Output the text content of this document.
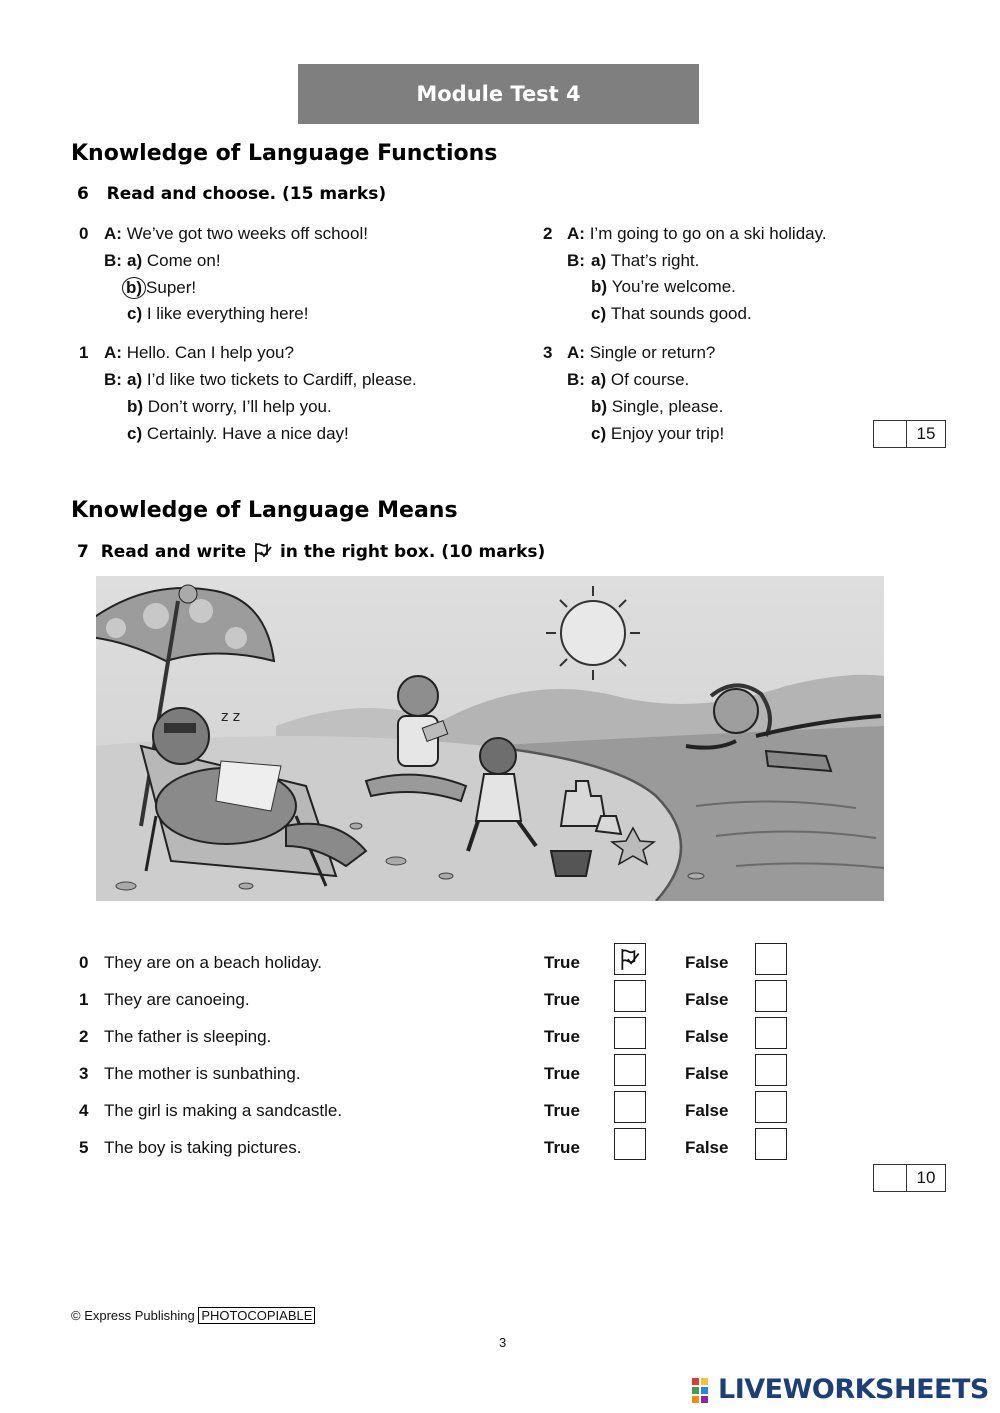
Module Test 4
Knowledge of Language Functions
6 Read and choose. (15 marks)
0 A: We’ve got two weeks off school!
B: a) Come on!
b) Super!
c) I like everything here!
1 A: Hello. Can I help you?
B: a) I’d like two tickets to Cardiff, please.
b) Don’t worry, I’ll help you.
c) Certainly. Have a nice day!
2 A: I’m going to go on a ski holiday.
B: a) That’s right.
b) You’re welcome.
c) That sounds good.
3 A: Single or return?
B: a) Of course.
b) Single, please.
c) Enjoy your trip!	15
Knowledge of Language Means
7
Read and write

in the right box. (10 marks)
z z
0 They are on a beach holiday.	True	False
1 They are canoeing.	True	False
2 The father is sleeping.	True	False
3 The mother is sunbathing.	True	False
4 The girl is making a sandcastle.	True	False
5 The boy is taking pictures.	True	False
10
© Express Publishing PHOTOCOPIABLE
3
LIVEWORKSHEETS
